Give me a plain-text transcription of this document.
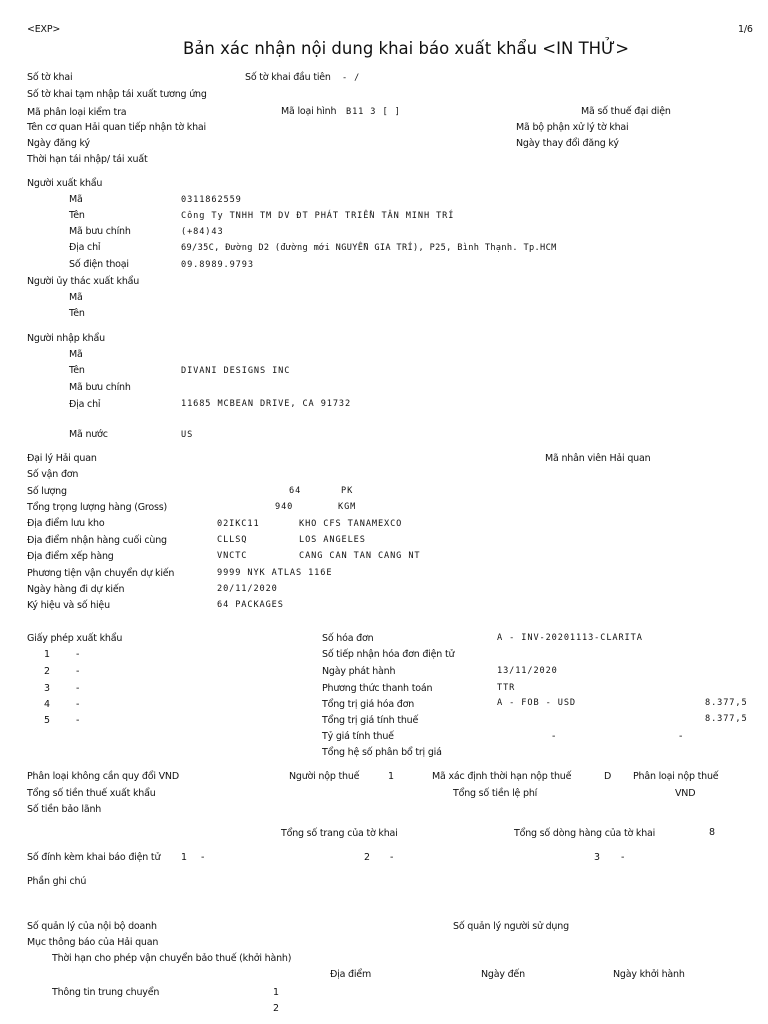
<EXP>	1/6
Bản xác nhận nội dung khai báo xuất khẩu <IN THỬ>
Số tờ khai	Số tờ khai đầu tiên - /
Số tờ khai tạm nhập tái xuất tương ứng
Mã phân loại kiểm tra	Mã loại hình B11 3 [ ]	Mã số thuế đại diện
Tên cơ quan Hải quan tiếp nhận tờ khai	Mã bộ phận xử lý tờ khai
Ngày đăng ký	Ngày thay đổi đăng ký
Thời hạn tái nhập/ tái xuất
Người xuất khẩu
Mã	0311862559
Tên	Công Ty TNHH TM DV ĐT PHÁT TRIỂN TÂN MINH TRÍ
Mã bưu chính	(+84)43
Địa chỉ	69/35C, Đường D2 (đường mới NGUYỄN GIA TRÍ), P25, Bình Thạnh. Tp.HCM
Số điện thoại	09.8989.9793
Người ủy thác xuất khẩu
Mã
Tên
Người nhập khẩu
Mã
Tên	DIVANI DESIGNS INC
Mã bưu chính
Địa chỉ	11685 MCBEAN DRIVE, CA 91732
Mã nước	US
Đại lý Hải quan	Mã nhân viên Hải quan
Số vận đơn
Số lượng	64	PK
Tổng trọng lượng hàng (Gross)	940	KGM
Địa điểm lưu kho	02IKC11	KHO CFS TANAMEXCO
Địa điểm nhận hàng cuối cùng	CLLSQ	LOS ANGELES
Địa điểm xếp hàng	VNCTC	CANG CAN TAN CANG NT
Phương tiện vận chuyển dự kiến	9999 NYK ATLAS 116E
Ngày hàng đi dự kiến	20/11/2020
Ký hiệu và số hiệu	64 PACKAGES
Giấy phép xuất khẩu
1	-
2	-
3	-
4	-
5	-
Số hóa đơn	A - INV-20201113-CLARITA
Số tiếp nhận hóa đơn điện tử
Ngày phát hành	13/11/2020
Phương thức thanh toán	TTR
Tổng trị giá hóa đơn	A - FOB - USD	8.377,5
Tổng trị giá tính thuế	8.377,5
Tỷ giá tính thuế	-	-
Tổng hệ số phân bổ trị giá
Phân loại không cần quy đổi VND	Người nộp thuế	1	Mã xác định thời hạn nộp thuế	D Phân loại nộp thuế
Tổng số tiền thuế xuất khẩu	Tổng số tiền lệ phí	VND
Số tiền bảo lãnh
Tổng số trang của tờ khai	Tổng số dòng hàng của tờ khai	8
Số đính kèm khai báo điện tử 1 -	2 -	3 -
Phần ghi chú
Số quản lý của nội bộ doanh	Số quản lý người sử dụng
Mục thông báo của Hải quan
Thời hạn cho phép vận chuyển bảo thuế (khởi hành)
Địa điểm	Ngày đến	Ngày khởi hành
Thông tin trung chuyển	1
2
